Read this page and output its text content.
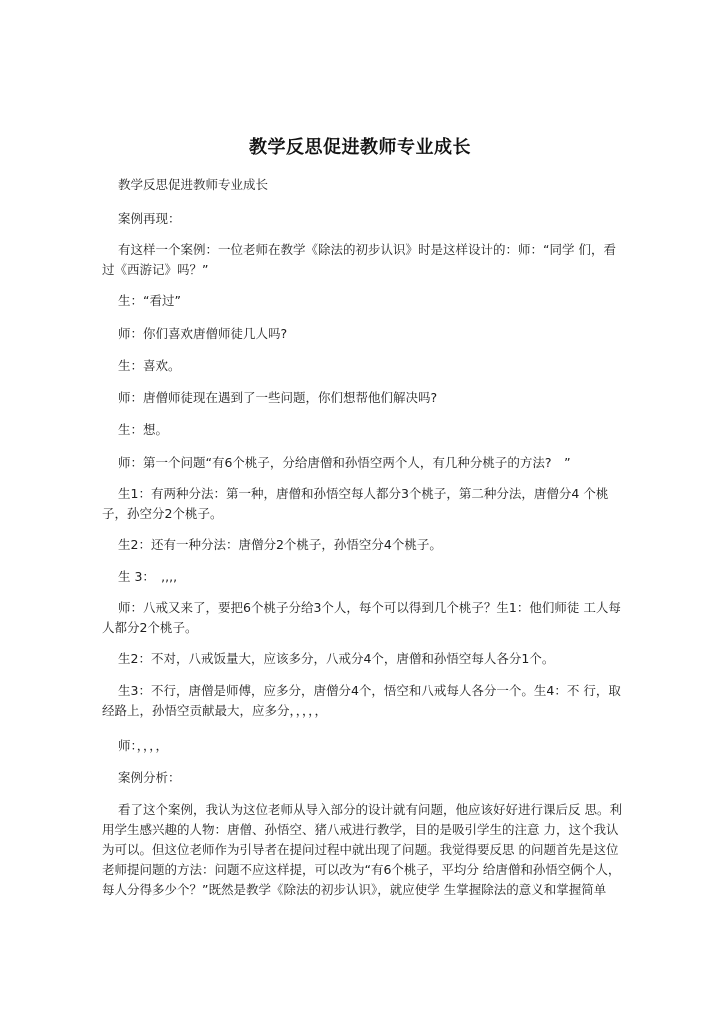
教学反思促进教师专业成长

教学反思促进教师专业成长

案例再现：

有这样一个案例：一位老师在教学《除法的初步认识》时是这样设计的：师：“同学 们，看过《西游记》吗？”

生：“看过”

师：你们喜欢唐僧师徒几人吗?

生：喜欢。

师：唐僧师徒现在遇到了一些问题，你们想帮他们解决吗?

生：想。

师：第一个问题“有6个桃子，分给唐僧和孙悟空两个人，有几种分桃子的方法?　”

生1：有两种分法：第一种，唐僧和孙悟空每人都分3个桃子，第二种分法，唐僧分4 个桃子，孙空分2个桃子。

生2：还有一种分法：唐僧分2个桃子，孙悟空分4个桃子。

生 3：　,,,,

师：八戒又来了，要把6个桃子分给3个人，每个可以得到几个桃子？生1：他们师徒 工人每人都分2个桃子。

生2：不对，八戒饭量大，应该多分，八戒分4个，唐僧和孙悟空每人各分1个。

生3：不行，唐僧是师傅，应多分，唐僧分4个，悟空和八戒每人各分一个。生4：不 行，取经路上，孙悟空贡献最大，应多分，，，，，

师：，，，，

案例分析：

看了这个案例，我认为这位老师从导入部分的设计就有问题，他应该好好进行课后反 思。利用学生感兴趣的人物：唐僧、孙悟空、猪八戒进行教学，目的是吸引学生的注意 力，这个我认为可以。但这位老师作为引导者在提问过程中就出现了问题。我觉得要反思 的问题首先是这位老师提问题的方法：问题不应这样提，可以改为“有6个桃子，平均分 给唐僧和孙悟空俩个人，每人分得多少个？”既然是教学《除法的初步认识》，就应使学 生掌握除法的意义和掌握简单
